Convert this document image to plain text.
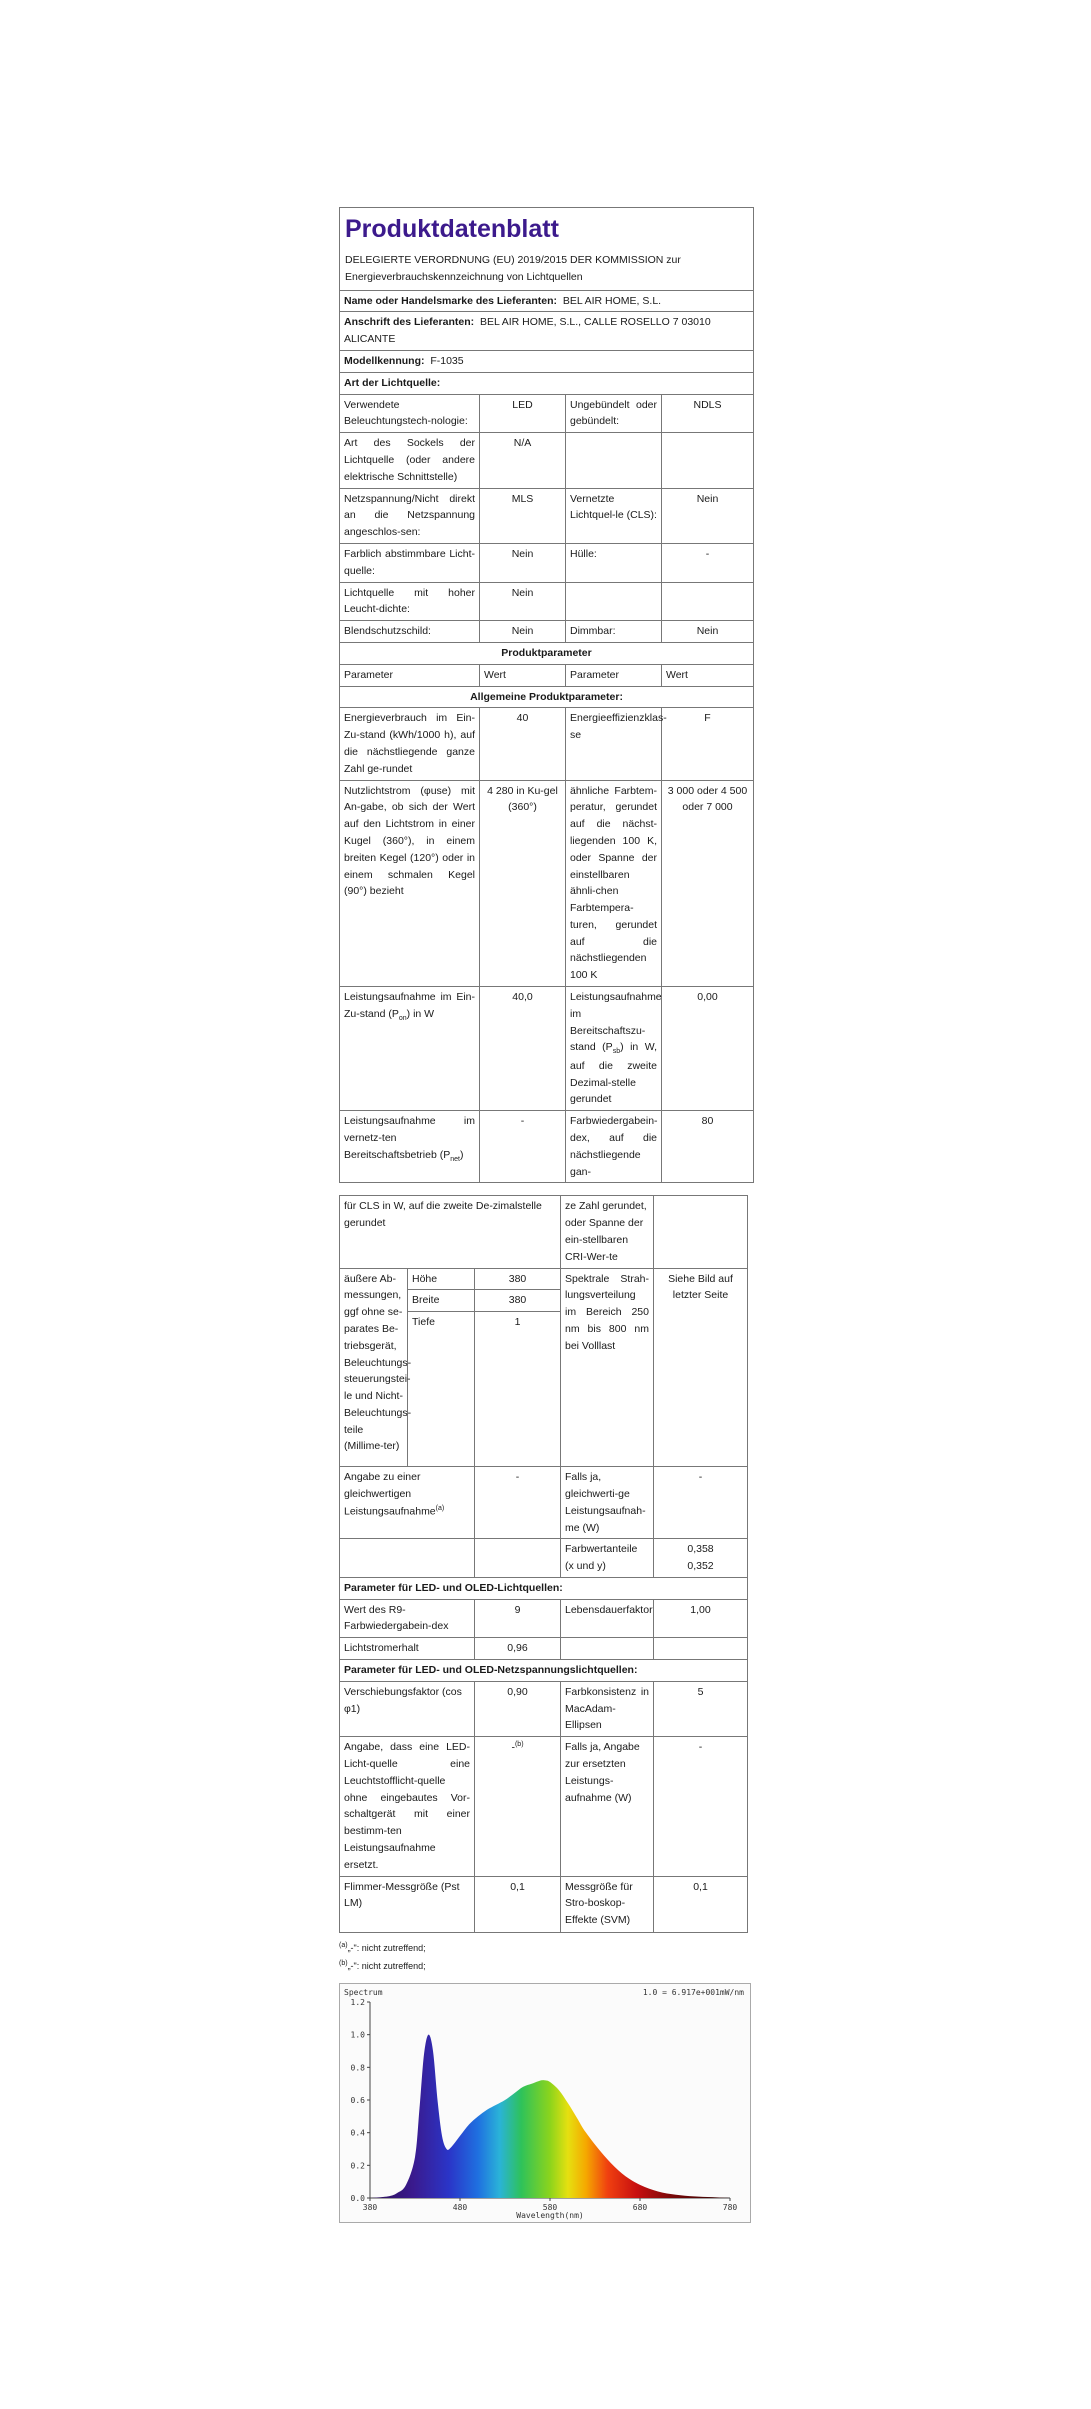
Produktdatenblatt
DELEGIERTE VERORDNUNG (EU) 2019/2015 DER KOMMISSION zur Energieverbrauchskennzeichnung von Lichtquellen			

Name oder Handelsmarke des Lieferanten: BEL AIR HOME, S.L.			
Anschrift des Lieferanten: BEL AIR HOME, S.L., CALLE ROSELLO 7 03010 ALICANTE			
Modellkennung: F-1035			
Art der Lichtquelle:			
Verwendete Beleuchtungstech-nologie:	LED	Ungebündelt oder gebündelt:	NDLS
Art des Sockels der Lichtquelle (oder andere elektrische Schnittstelle)	N/A		
Netzspannung/Nicht direkt an die Netzspannung angeschlos-sen:	MLS	Vernetzte Lichtquel-le (CLS):	Nein
Farblich abstimmbare Licht-quelle:	Nein	Hülle:	-
Lichtquelle mit hoher Leucht-dichte:	Nein		
Blendschutzschild:	Nein	Dimmbar:	Nein
Produktparameter			
Parameter	Wert	Parameter	Wert
Allgemeine Produktparameter:			
Energieverbrauch im Ein-Zu-stand (kWh/1000 h), auf die nächstliegende ganze Zahl ge-rundet	40	Energieeffizienzklas-se	F
Nutzlichtstrom (φuse) mit An-gabe, ob sich der Wert auf den Lichtstrom in einer Kugel (360°), in einem breiten Kegel (120°) oder in einem schmalen Kegel (90°) bezieht	4 280 in Ku-gel (360°)	ähnliche Farbtem-peratur, gerundet auf die nächst-liegenden 100 K, oder Spanne der einstellbaren ähnli-chen Farbtempera-turen, gerundet auf die nächstliegenden 100 K	3 000 oder 4 500 oder 7 000
Leistungsaufnahme im Ein-Zu-stand $(P_{on})$ in W	40,0	Leistungsaufnahme im Bereitschaftszu-stand $(P_{sb})$ in W, auf die zweite Dezimal-stelle gerundet	0,00
Leistungsaufnahme im vernetz-ten Bereitschaftsbetrieb $(P_{net})$	-	Farbwiedergabein-dex, auf die nächstliegende gan-	80
für CLS in W, auf die zweite De-zimalstelle gerundet			ze Zahl gerundet, oder Spanne der ein-stellbaren CRI-Wer-te	
äußere Ab-messungen, ggf ohne se-parates Be-triebsgerät, Beleuchtungs-steuerungstei-le und Nicht-Beleuchtungs-teile (Millime-ter)	Höhe	380	Spektrale Strah-lungsverteilung im Bereich 250 nm bis 800 nm bei Volllast	Siehe Bild auf letzter Seite
	Breite	380		
	Tiefe	1		
Angabe zu einer gleichwertigen Leistungsaufnahme$^{(a)}$		-	Falls ja, gleichwerti-ge Leistungsaufnah-me (W)	-
			Farbwertanteile (x und y)	0,358
0,352

Parameter für LED- und OLED-Lichtquellen:				
Wert des R9-Farbwiedergabein-dex		9	Lebensdauerfaktor	1,00
Lichtstromerhalt		0,96		
Parameter für LED- und OLED-Netzspannungslichtquellen:				
Verschiebungsfaktor (cos φ1)		0,90	Farbkonsistenz in MacAdam-Ellipsen	5
Angabe, dass eine LED-Licht-quelle eine Leuchtstofflicht-quelle ohne eingebautes Vor-schaltgerät mit einer bestimm-ten Leistungsaufnahme ersetzt.		-$^{(b)}$	Falls ja, Angabe zur ersetzten Leistungs-aufnahme (W)	-
Flimmer-Messgröße (Pst LM)		0,1	Messgröße für Stro-boskop-Effekte (SVM)	0,1
$^{(a)}$„-": nicht zutreffend;
$^{(b)}$„-": nicht zutreffend;
Spectrum	1.0 = 6.917e+001mW/nm
Wavelength(nm)
0.0
0.2
0.4
0.6
0.8
1.0
1.2
380	480	580	680	780
